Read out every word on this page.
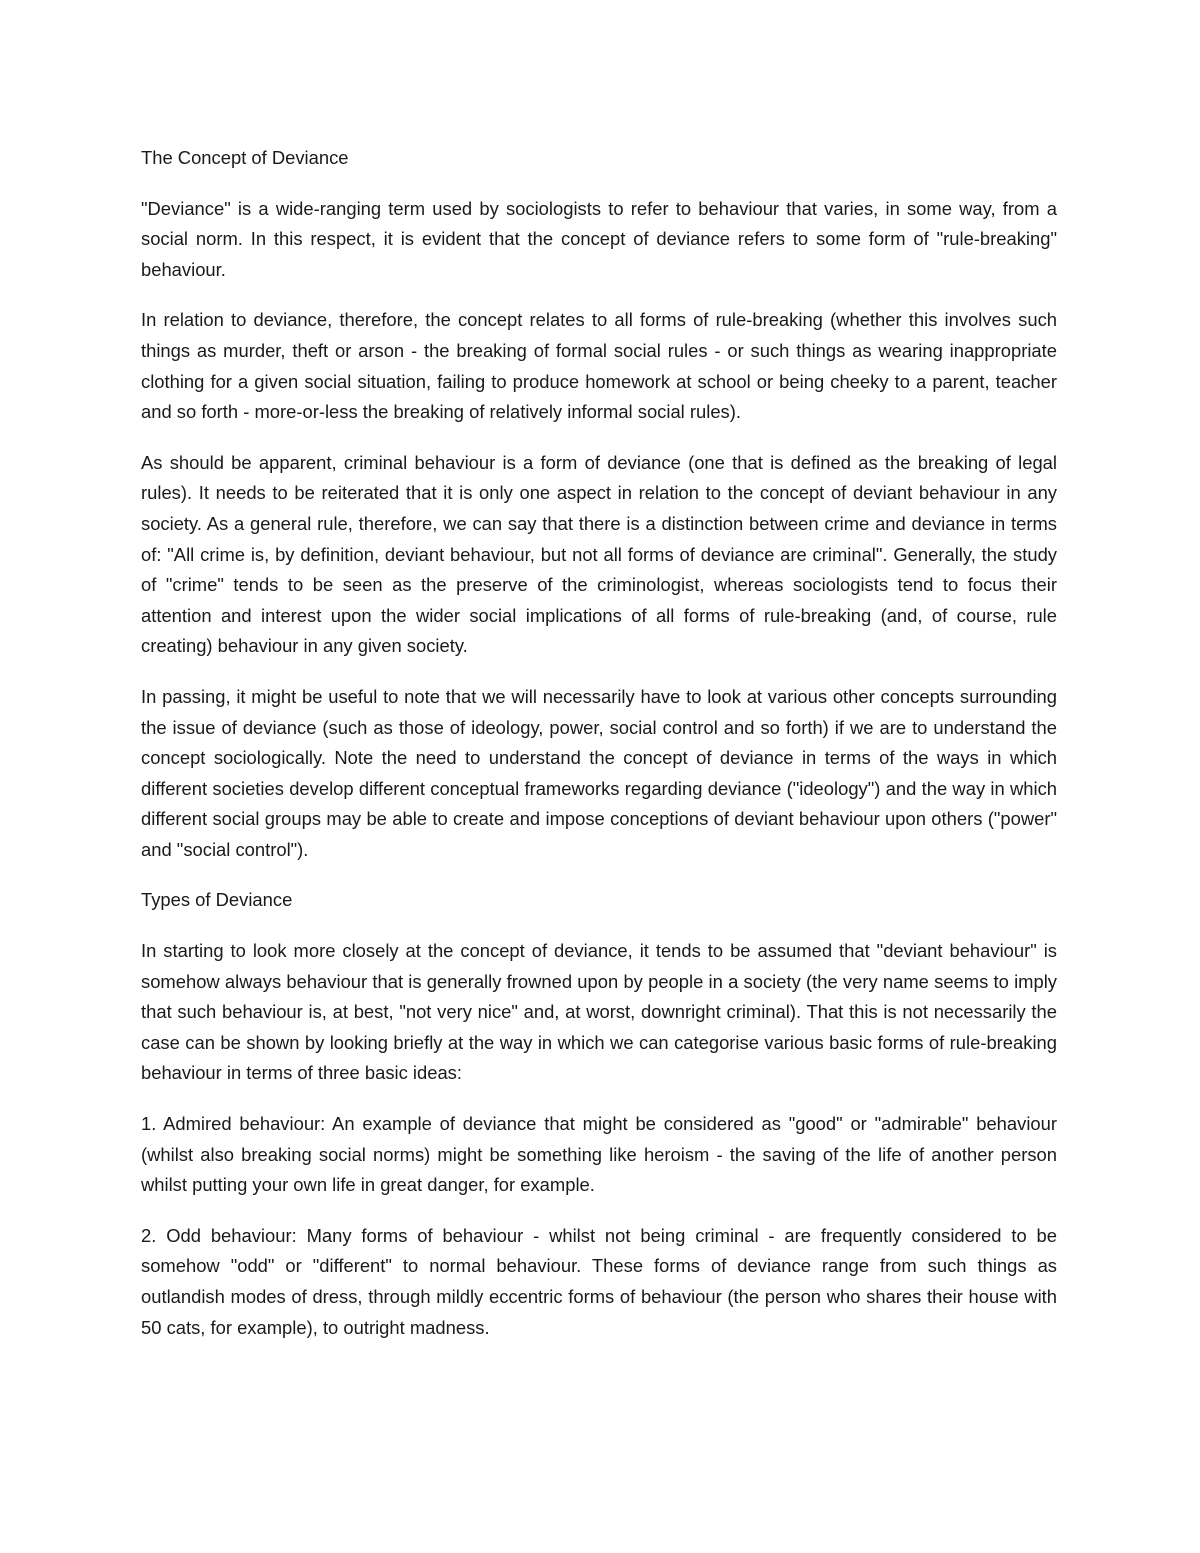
The Concept of Deviance

"Deviance" is a wide-ranging term used by sociologists to refer to behaviour that varies, in some way, from a social norm. In this respect, it is evident that the concept of deviance refers to some form of "rule-breaking" behaviour.

In relation to deviance, therefore, the concept relates to all forms of rule-breaking (whether this involves such things as murder, theft or arson - the breaking of formal social rules - or such things as wearing inappropriate clothing for a given social situation, failing to produce homework at school or being cheeky to a parent, teacher and so forth - more-or-less the breaking of relatively informal social rules).

As should be apparent, criminal behaviour is a form of deviance (one that is defined as the breaking of legal rules). It needs to be reiterated that it is only one aspect in relation to the concept of deviant behaviour in any society. As a general rule, therefore, we can say that there is a distinction between crime and deviance in terms of: "All crime is, by definition, deviant behaviour, but not all forms of deviance are criminal". Generally, the study of "crime" tends to be seen as the preserve of the criminologist, whereas sociologists tend to focus their attention and interest upon the wider social implications of all forms of rule-breaking (and, of course, rule creating) behaviour in any given society.

In passing, it might be useful to note that we will necessarily have to look at various other concepts surrounding the issue of deviance (such as those of ideology, power, social control and so forth) if we are to understand the concept sociologically. Note the need to understand the concept of deviance in terms of the ways in which different societies develop different conceptual frameworks regarding deviance ("ideology") and the way in which different social groups may be able to create and impose conceptions of deviant behaviour upon others ("power" and "social control").

Types of Deviance

In starting to look more closely at the concept of deviance, it tends to be assumed that "deviant behaviour" is somehow always behaviour that is generally frowned upon by people in a society (the very name seems to imply that such behaviour is, at best, "not very nice" and, at worst, downright criminal). That this is not necessarily the case can be shown by looking briefly at the way in which we can categorise various basic forms of rule-breaking behaviour in terms of three basic ideas:

1. Admired behaviour: An example of deviance that might be considered as "good" or "admirable" behaviour (whilst also breaking social norms) might be something like heroism - the saving of the life of another person whilst putting your own life in great danger, for example.

2. Odd behaviour: Many forms of behaviour - whilst not being criminal - are frequently considered to be somehow "odd" or "different" to normal behaviour. These forms of deviance range from such things as outlandish modes of dress, through mildly eccentric forms of behaviour (the person who shares their house with 50 cats, for example), to outright madness.
